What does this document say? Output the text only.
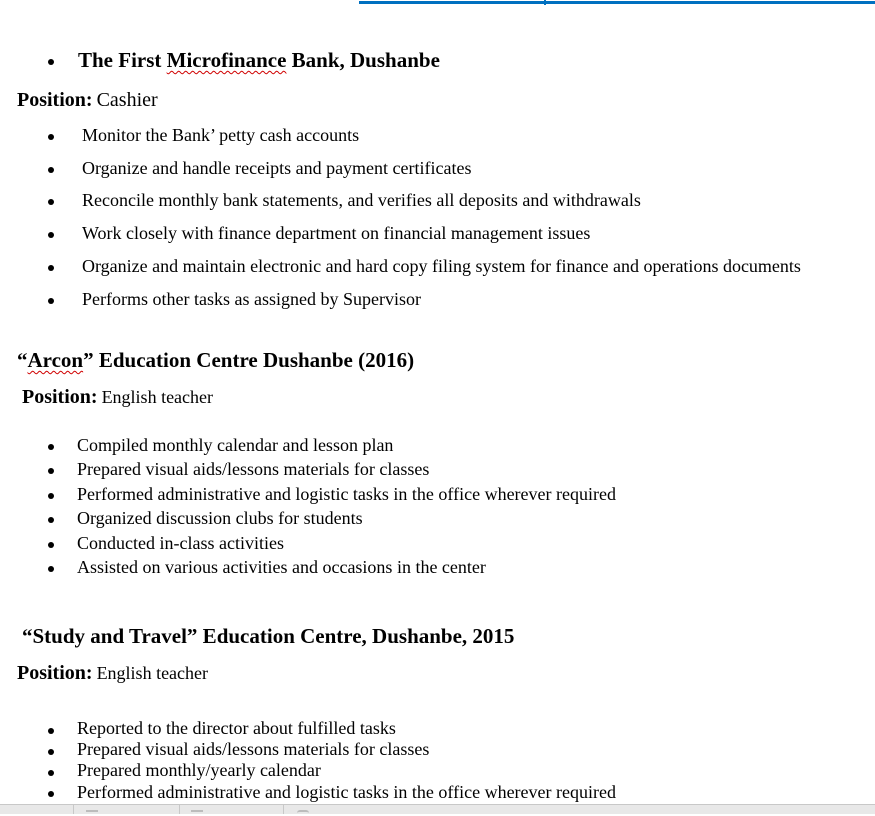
The First Microfinance Bank, Dushanbe
Position: Cashier
Monitor the Bank’ petty cash accounts
Organize and handle receipts and payment certificates
Reconcile monthly bank statements, and verifies all deposits and withdrawals
Work closely with finance department on financial management issues
Organize and maintain electronic and hard copy filing system for finance and operations documents
Performs other tasks as assigned by Supervisor
“Arcon” Education Centre Dushanbe (2016)
Position: English teacher
Compiled monthly calendar and lesson plan
Prepared visual aids/lessons materials for classes
Performed administrative and logistic tasks in the office wherever required
Organized discussion clubs for students
Conducted in-class activities
Assisted on various activities and occasions in the center
“Study and Travel” Education Centre, Dushanbe, 2015
Position: English teacher
Reported to the director about fulfilled tasks
Prepared visual aids/lessons materials for classes
Prepared monthly/yearly calendar
Performed administrative and logistic tasks in the office wherever required
